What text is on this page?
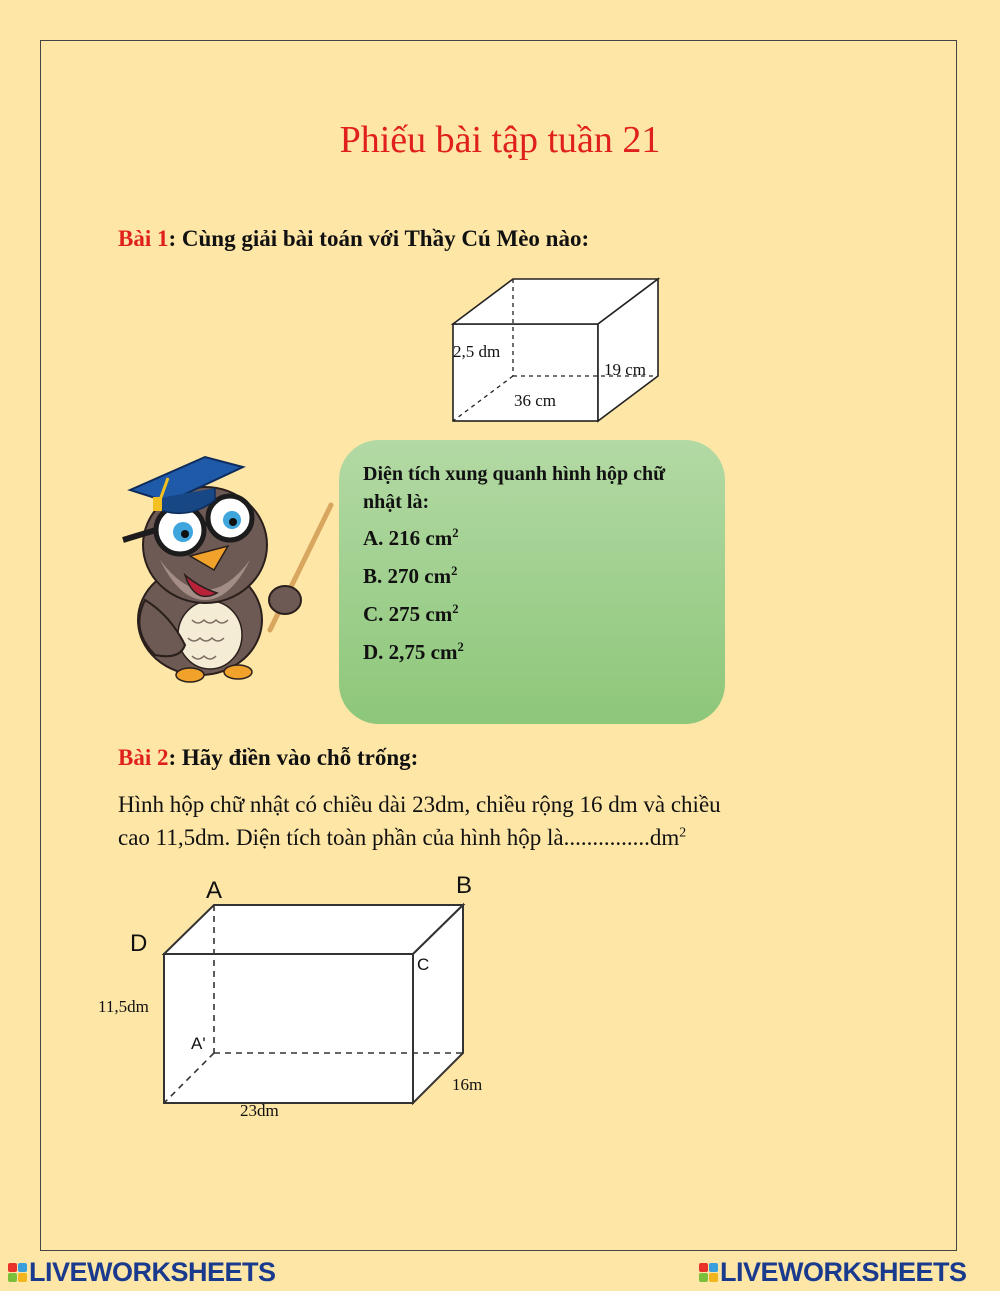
Phiếu bài tập tuần 21
Bài 1: Cùng giải bài toán với Thầy Cú Mèo nào:
2,5 dm
19 cm
36 cm
Diện tích xung quanh hình hộp chữ nhật là:
A. 216 $cm^2$
B. 270 $cm^2$
C. 275 $cm^2$
D. 2,75 $cm^2$
Bài 2: Hãy điền vào chỗ trống:
Hình hộp chữ nhật có chiều dài 23dm, chiều rộng 16 dm và chiều
cao 11,5dm. Diện tích toàn phần của hình hộp $là...............dm^2$
A	B
C
D
A'
11,5dm
16m
23dm
LIVEWORKSHEETS	LIVEWORKSHEETS
